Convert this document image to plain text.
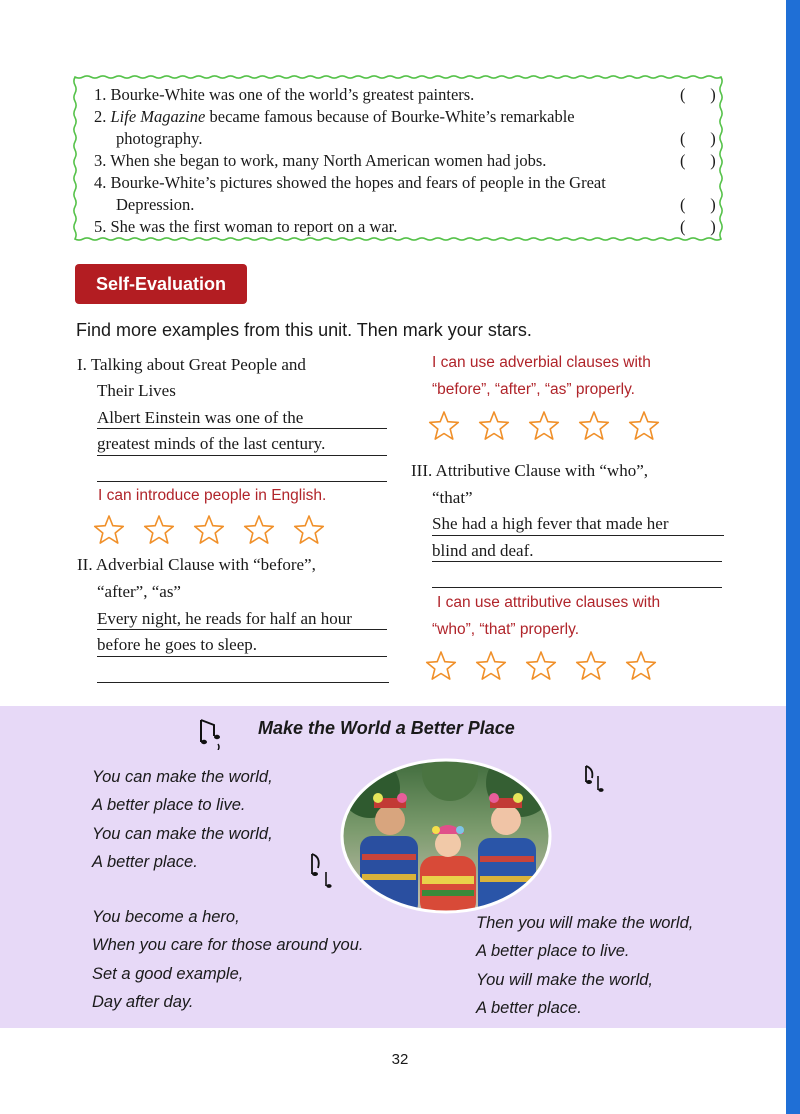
1. Bourke-White was one of the world’s greatest painters.	(      )
2. Life Magazine became famous because of Bourke-White’s remarkable
photography.	(      )
3. When she began to work, many North American women had jobs.	(      )
4. Bourke-White’s pictures showed the hopes and fears of people in the Great
Depression.	(      )
5. She was the first woman to report on a war.	(      )
Self-Evaluation
Find more examples from this unit. Then mark your stars.
I. Talking about Great People and
Their Lives
Albert Einstein was one of the
greatest minds of the last century.
I can introduce people in English.
II. Adverbial Clause with “before”,
“after”, “as”
Every night, he reads for half an hour
before he goes to sleep.
I can use adverbial clauses with
“before”, “after”, “as” properly.
III. Attributive Clause with “who”,
“that”
She had a high fever that made her
blind and deaf.
I can use attributive clauses with
“who”, “that” properly.
Make the World a Better Place
You can make the world,
A better place to live.
You can make the world,
A better place.
You become a hero,
When you care for those around you.
Set a good example,
Day after day.
Then you will make the world,
A better place to live.
You will make the world,
A better place.
32
